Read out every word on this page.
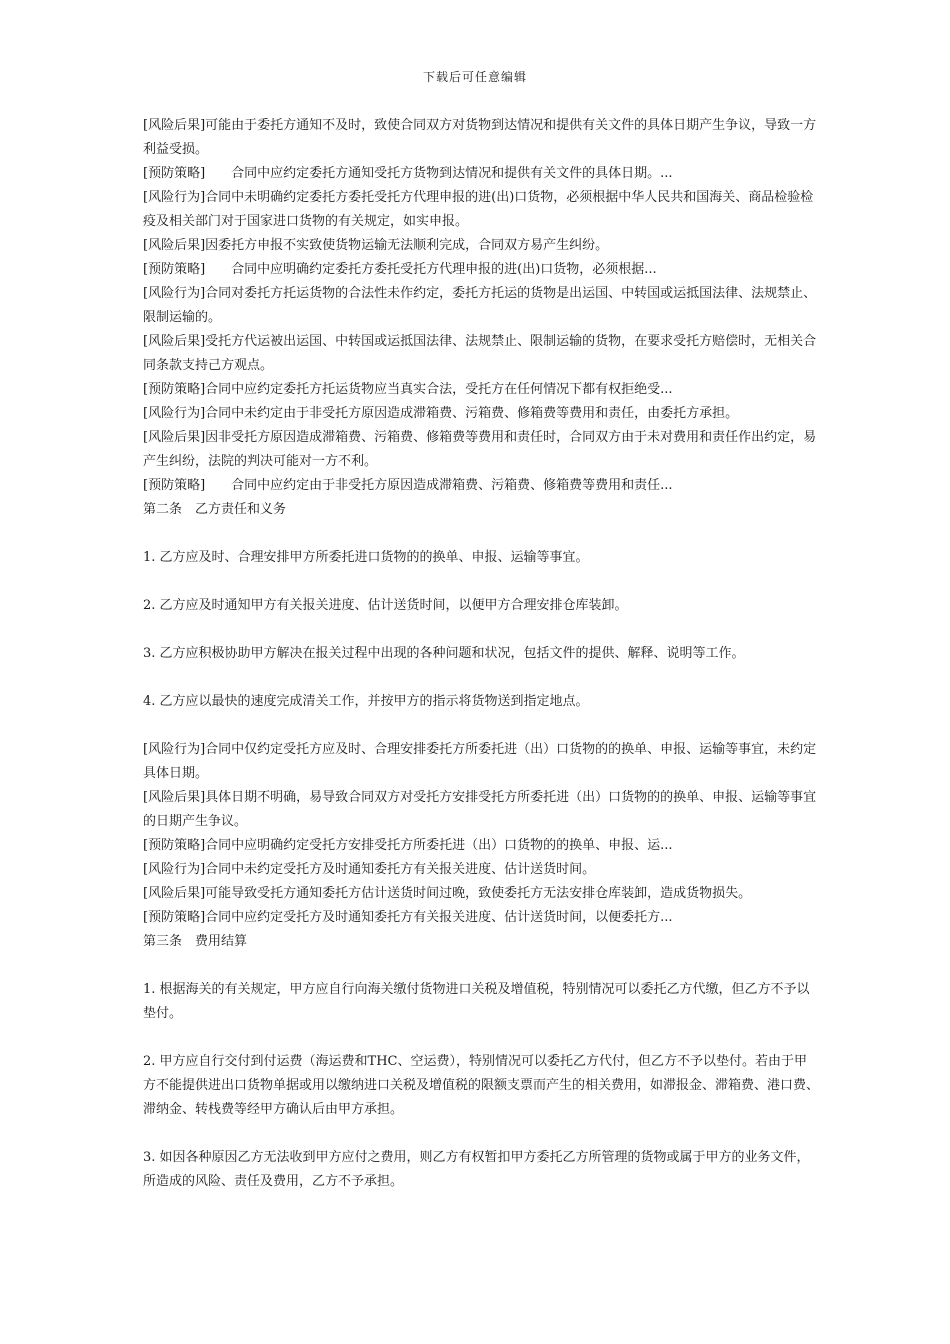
下载后可任意编辑

[风险后果]可能由于委托方通知不及时，致使合同双方对货物到达情况和提供有关文件的具体日期产生争议，导致一方利益受损。

[预防策略]　　合同中应约定委托方通知受托方货物到达情况和提供有关文件的具体日期。...

[风险行为]合同中未明确约定委托方委托受托方代理申报的进(出)口货物，必须根据中华人民共和国海关、商品检验检疫及相关部门对于国家进口货物的有关规定，如实申报。

[风险后果]因委托方申报不实致使货物运输无法顺利完成，合同双方易产生纠纷。

[预防策略]　　合同中应明确约定委托方委托受托方代理申报的进(出)口货物，必须根据...

[风险行为]合同对委托方托运货物的合法性未作约定，委托方托运的货物是出运国、中转国或运抵国法律、法规禁止、限制运输的。

[风险后果]受托方代运被出运国、中转国或运抵国法律、法规禁止、限制运输的货物，在要求受托方赔偿时，无相关合同条款支持己方观点。

[预防策略]合同中应约定委托方托运货物应当真实合法，受托方在任何情况下都有权拒绝受...

[风险行为]合同中未约定由于非受托方原因造成滞箱费、污箱费、修箱费等费用和责任，由委托方承担。

[风险后果]因非受托方原因造成滞箱费、污箱费、修箱费等费用和责任时，合同双方由于未对费用和责任作出约定，易产生纠纷，法院的判决可能对一方不利。

[预防策略]　　合同中应约定由于非受托方原因造成滞箱费、污箱费、修箱费等费用和责任...

第二条　乙方责任和义务

1. 乙方应及时、合理安排甲方所委托进口货物的的换单、申报、运输等事宜。

2. 乙方应及时通知甲方有关报关进度、估计送货时间，以便甲方合理安排仓库装卸。

3. 乙方应积极协助甲方解决在报关过程中出现的各种问题和状况，包括文件的提供、解释、说明等工作。

4. 乙方应以最快的速度完成清关工作，并按甲方的指示将货物送到指定地点。

[风险行为]合同中仅约定受托方应及时、合理安排委托方所委托进（出）口货物的的换单、申报、运输等事宜，未约定具体日期。

[风险后果]具体日期不明确，易导致合同双方对受托方安排受托方所委托进（出）口货物的的换单、申报、运输等事宜的日期产生争议。

[预防策略]合同中应明确约定受托方安排受托方所委托进（出）口货物的的换单、申报、运...

[风险行为]合同中未约定受托方及时通知委托方有关报关进度、估计送货时间。

[风险后果]可能导致受托方通知委托方估计送货时间过晚，致使委托方无法安排仓库装卸，造成货物损失。

[预防策略]合同中应约定受托方及时通知委托方有关报关进度、估计送货时间，以便委托方...

第三条　费用结算

1. 根据海关的有关规定，甲方应自行向海关缴付货物进口关税及增值税，特别情况可以委托乙方代缴，但乙方不予以垫付。

2. 甲方应自行交付到付运费（海运费和THC、空运费），特别情况可以委托乙方代付，但乙方不予以垫付。若由于甲方不能提供进出口货物单据或用以缴纳进口关税及增值税的限额支票而产生的相关费用，如滞报金、滞箱费、港口费、滞纳金、转栈费等经甲方确认后由甲方承担。

3. 如因各种原因乙方无法收到甲方应付之费用，则乙方有权暂扣甲方委托乙方所管理的货物或属于甲方的业务文件，所造成的风险、责任及费用，乙方不予承担。
